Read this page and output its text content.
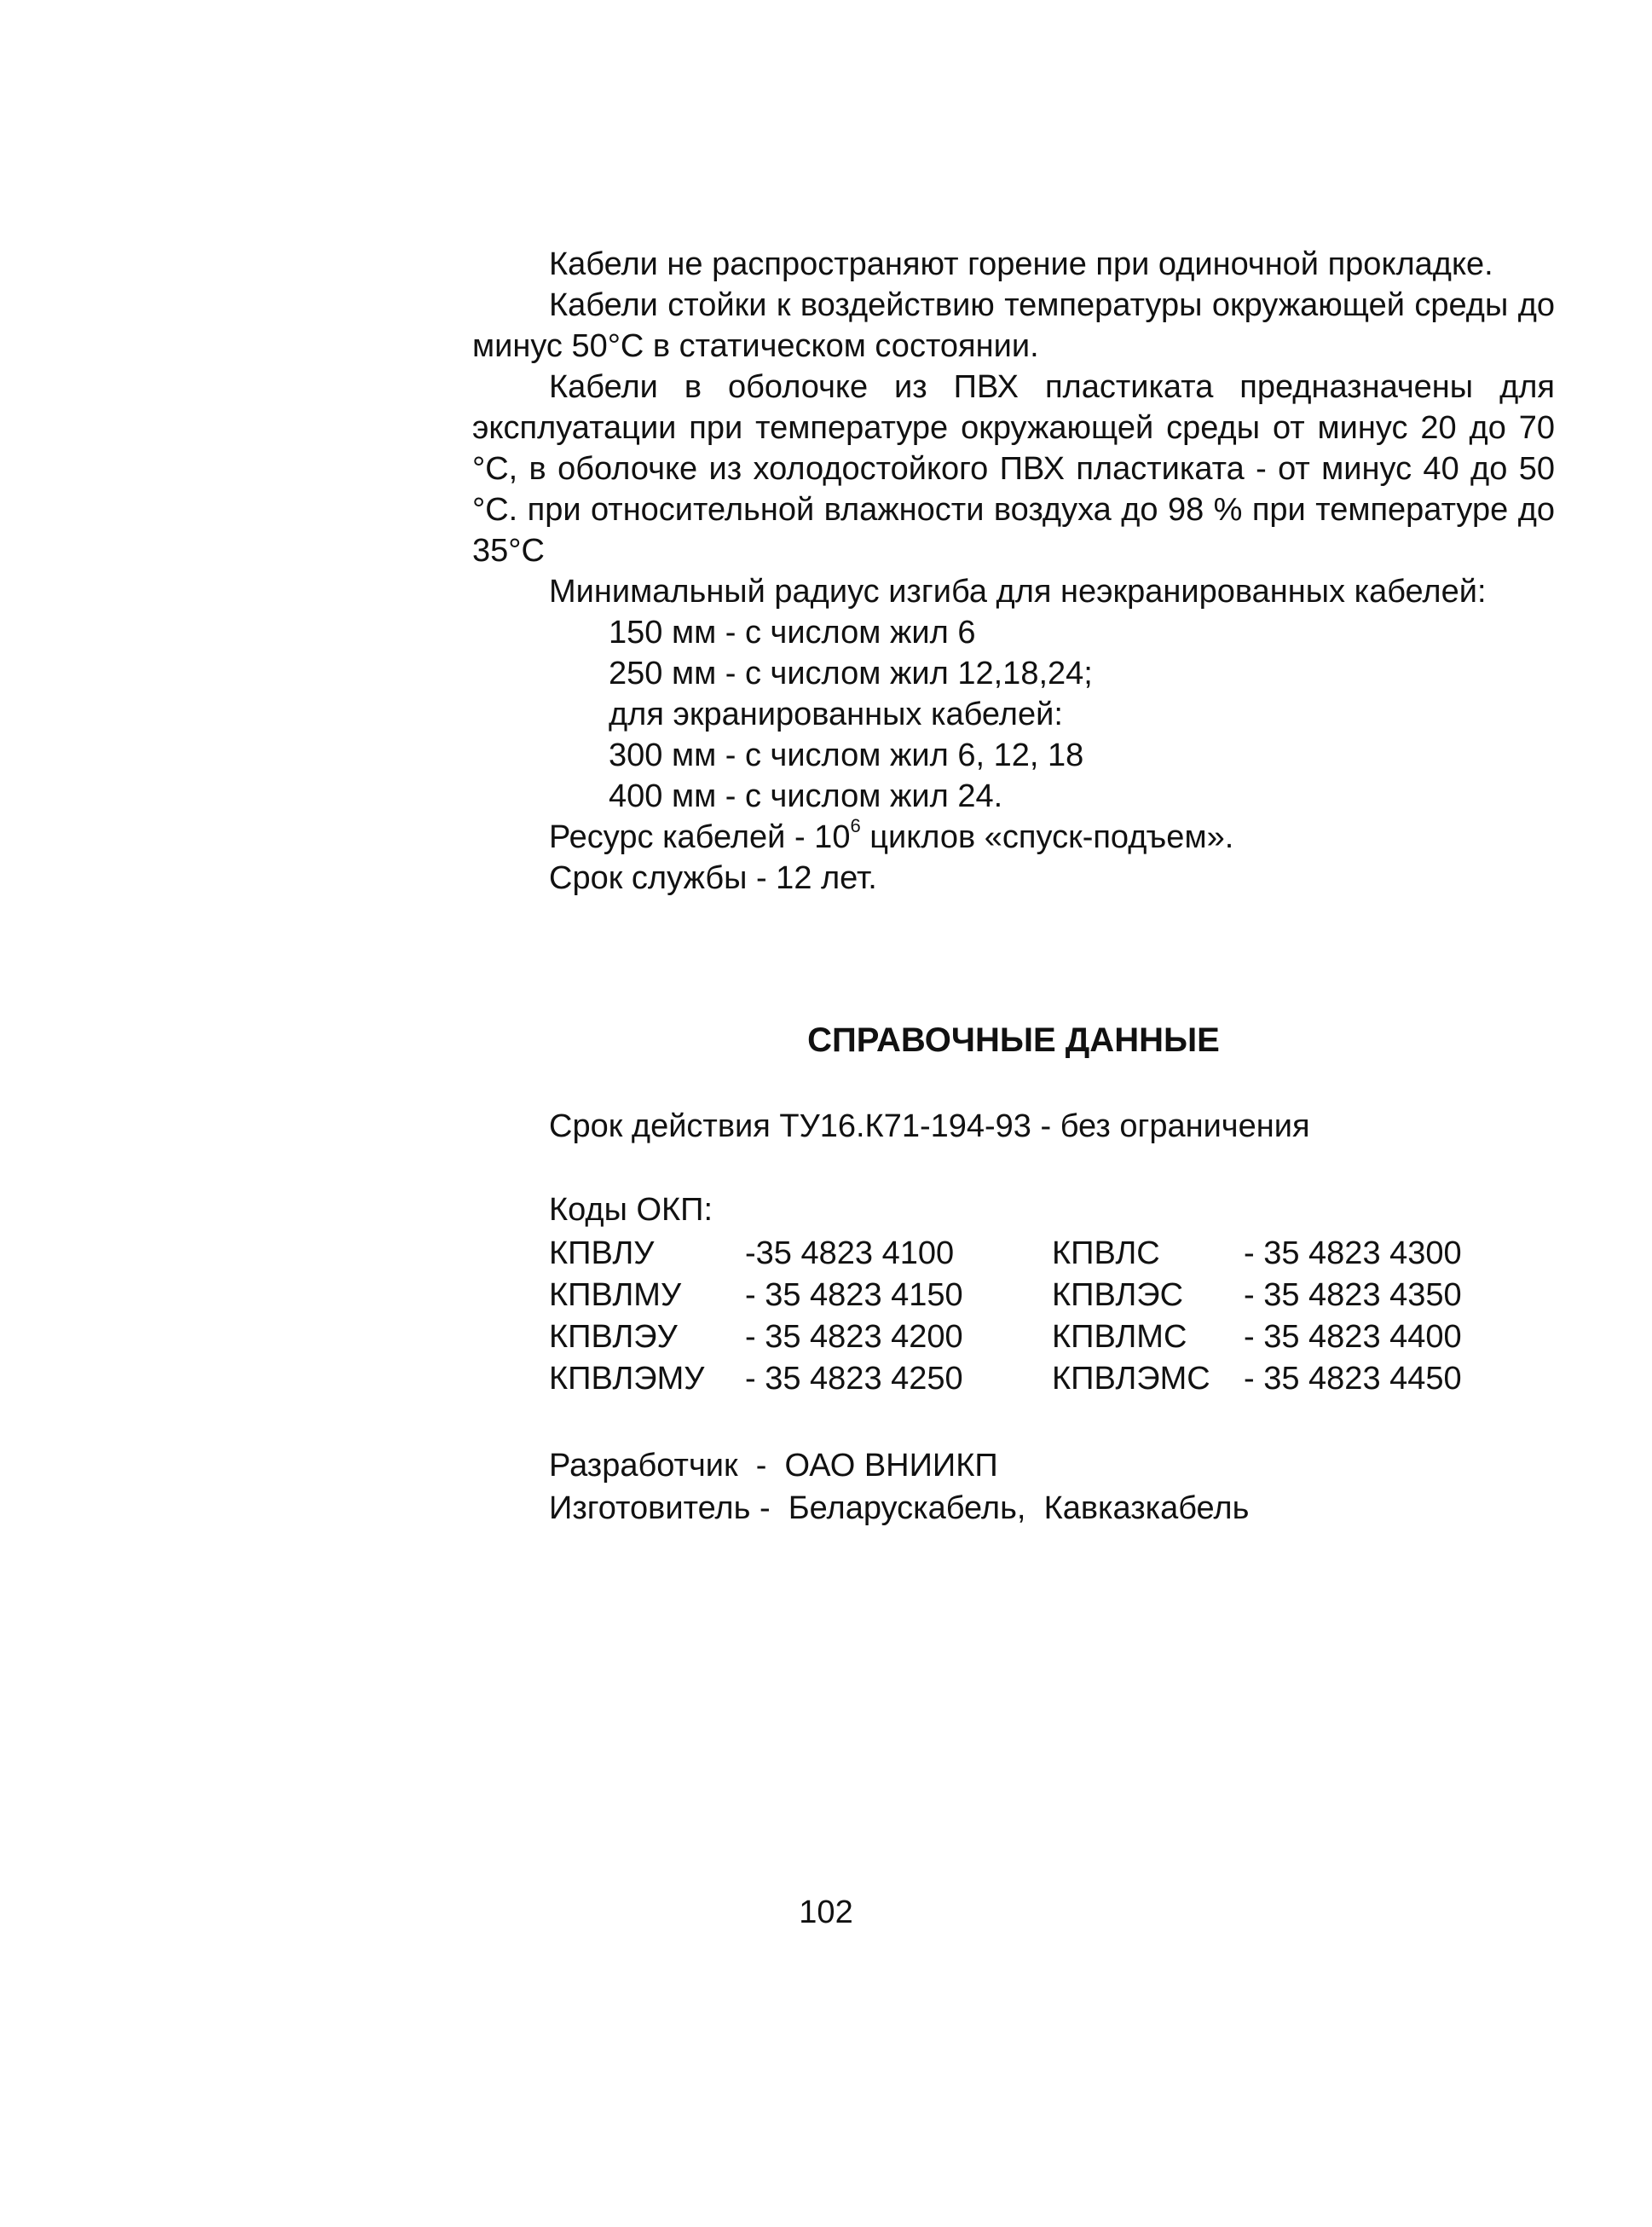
Кабели не распространяют горение при одиночной прокладке.

Кабели стойки к воздействию температуры окружающей среды до минус 50°С в статическом состоянии.

Кабели в оболочке из ПВХ пластиката предназначены для эксплуатации при температуре окружающей среды от минус 20 до 70 °С, в оболочке из холодостойкого ПВХ пластиката - от минус 40 до 50 °С. при относительной влажности воздуха до 98 % при температуре до 35°С

Минимальный радиус изгиба для неэкранированных кабелей:

150 мм - с числом жил 6
250 мм - с числом жил 12,18,24;
для экранированных кабелей:
300 мм - с числом жил 6, 12, 18
400 мм - с числом жил 24.

Ресурс кабелей - $10^6$ циклов «спуск-подъем».

Срок службы - 12 лет.

СПРАВОЧНЫЕ ДАННЫЕ
Срок действия ТУ16.К71-194-93 - без ограничения
Коды ОКП:
КПВЛУ	-35 4823 4100	КПВЛС	- 35 4823 4300
КПВЛМУ	- 35 4823 4150	КПВЛЭС	- 35 4823 4350
КПВЛЭУ	- 35 4823 4200	КПВЛМС	- 35 4823 4400
КПВЛЭМУ	- 35 4823 4250	КПВЛЭМС	- 35 4823 4450
Разработчик  -  ОАО ВНИИКП
Изготовитель -  Беларускабель,  Кавказкабель
102
